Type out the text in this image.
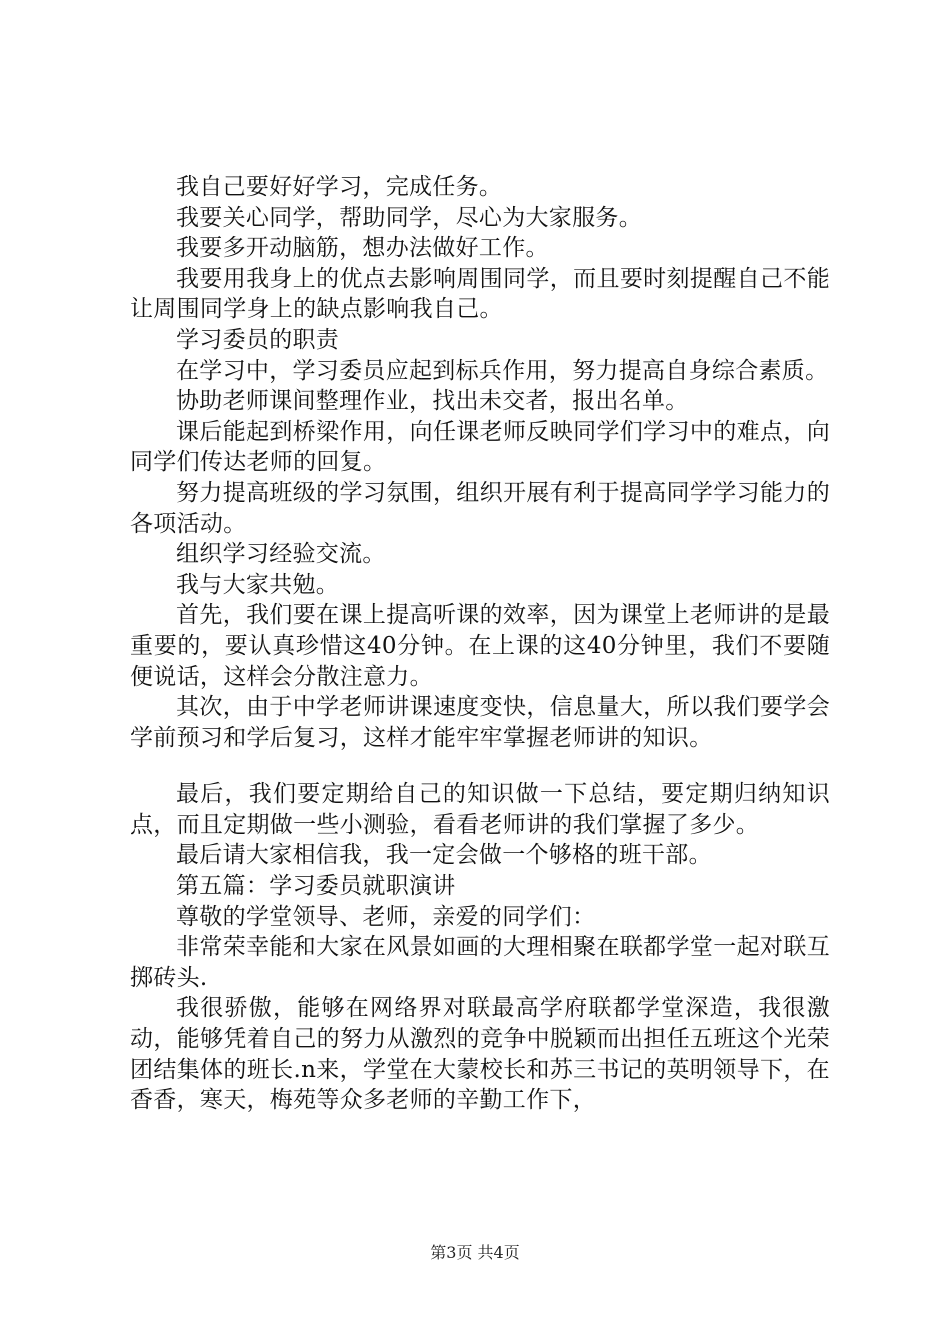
我自己要好好学习，完成任务。

我要关心同学，帮助同学，尽心为大家服务。

我要多开动脑筋，想办法做好工作。

我要用我身上的优点去影响周围同学，而且要时刻提醒自己不能让周围同学身上的缺点影响我自己。

学习委员的职责

在学习中，学习委员应起到标兵作用，努力提高自身综合素质。

协助老师课间整理作业，找出未交者，报出名单。

课后能起到桥梁作用，向任课老师反映同学们学习中的难点，向同学们传达老师的回复。

努力提高班级的学习氛围，组织开展有利于提高同学学习能力的各项活动。

组织学习经验交流。

我与大家共勉。

首先，我们要在课上提高听课的效率，因为课堂上老师讲的是最重要的，要认真珍惜这40分钟。在上课的这40分钟里，我们不要随便说话，这样会分散注意力。

其次，由于中学老师讲课速度变快，信息量大，所以我们要学会学前预习和学后复习，这样才能牢牢掌握老师讲的知识。

最后，我们要定期给自己的知识做一下总结，要定期归纳知识点，而且定期做一些小测验，看看老师讲的我们掌握了多少。

最后请大家相信我，我一定会做一个够格的班干部。

第五篇：学习委员就职演讲

尊敬的学堂领导、老师，亲爱的同学们：

非常荣幸能和大家在风景如画的大理相聚在联都学堂一起对联互掷砖头.

我很骄傲，能够在网络界对联最高学府联都学堂深造，我很激动，能够凭着自己的努力从激烈的竞争中脱颖而出担任五班这个光荣团结集体的班长.n来，学堂在大蒙校长和苏三书记的英明领导下，在香香，寒天，梅苑等众多老师的辛勤工作下，

第3页 共4页
